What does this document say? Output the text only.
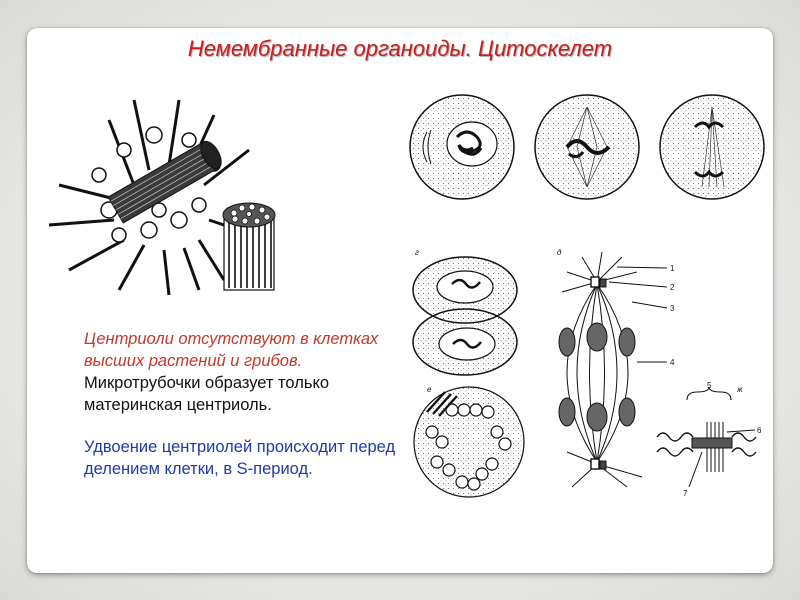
Немембранные органоиды. Цитоскелет
г	д
1
2
3
4
е	ж
5
6
7
Центриоли отсутствуют в клетках высших растений и грибов. Микротрубочки образует только материнская центриоль.
Удвоение центриолей происходит перед делением клетки, в S-период.
